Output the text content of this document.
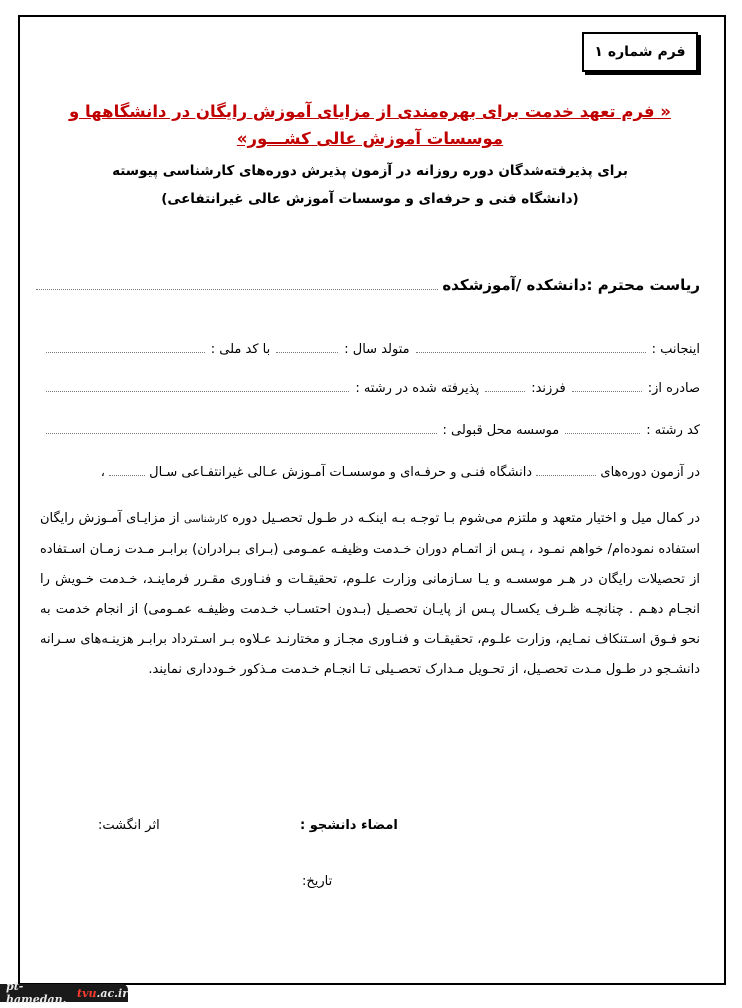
فرم شماره ۱
« فرم تعهد خدمت برای بهره‌مندی از مزایای آموزش رایگان در دانشگاهها و موسسات آموزش عالی کشـــور»
برای پذیرفته‌شدگان دوره روزانه در آزمون پذیرش دوره‌های کارشناسی پیوسته
(دانشگاه فنی و حرفه‌ای و موسسات آموزش عالی غیرانتفاعی)
ریاست محترم :دانشکده /آموزشکده
اینجانب :
متولد سال :
با کد ملی :
صادره از:
فرزند:
پذیرفته شده در رشته :
کد رشته :
موسسه محل قبولی :
در آزمون دوره‌های  دانشگاه فنـی و حرفـه‌ای و موسسـات آمـوزش عـالی غیرانتفـاعی سـال  ،
در کمال میل و اختیار متعهد و ملتزم می‌شوم بـا توجـه بـه اینکـه در طـول تحصـیل دوره کارشناسی از مزایـای آمـوزش رایگان استفاده نموده‌ام/ خواهم نمـود ، پـس از اتمـام دوران خـدمت وظیفـه عمـومی (بـرای بـرادران) برابـر مـدت زمـان اسـتفاده از تحصیلات رایگان در هـر موسسـه و یـا سـازمانی وزارت علـوم، تحقیقـات و فنـاوری مقـرر فرماینـد، خـدمت خـویش را انجـام دهـم . چنانچـه ظـرف یکسـال پـس از پایـان تحصـیل (بـدون احتسـاب خـدمت وظیفـه عمـومی) از انجام خدمت به نحو فـوق اسـتنکاف نمـایم، وزارت علـوم، تحقیقـات و فنـاوری مجـاز و مختارنـد عـلاوه بـر اسـترداد برابـر هزینـه‌های سـرانه دانشـجو در طـول مـدت تحصـیل، از تحـویل مـدارک تحصـیلی تـا انجـام خـدمت مـذکور خـودداری نمایند.
امضاء دانشجو :
اثر انگشت:
تاریخ:
pt-hamedan. tvu .ac.ir
